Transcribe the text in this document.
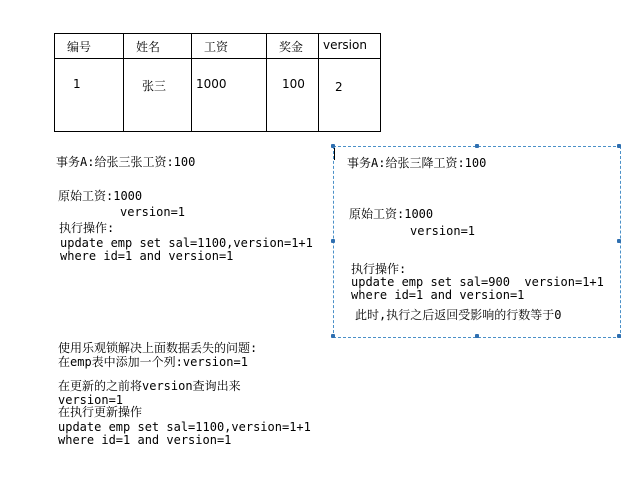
编号	姓名	工资	奖金	version

1	张三	1000	100	2
事务A:给张三张工资:100
原始工资:1000
version=1
执行操作:
update emp set sal=1100,version=1+1
where id=1 and version=1
事务A:给张三降工资:100
原始工资:1000
version=1
执行操作:
update emp set sal=900  version=1+1
where id=1 and version=1
此时,执行之后返回受影响的行数等于0
使用乐观锁解决上面数据丢失的问题:
在emp表中添加一个列:version=1
在更新的之前将version查询出来
version=1
在执行更新操作
update emp set sal=1100,version=1+1
where id=1 and version=1
